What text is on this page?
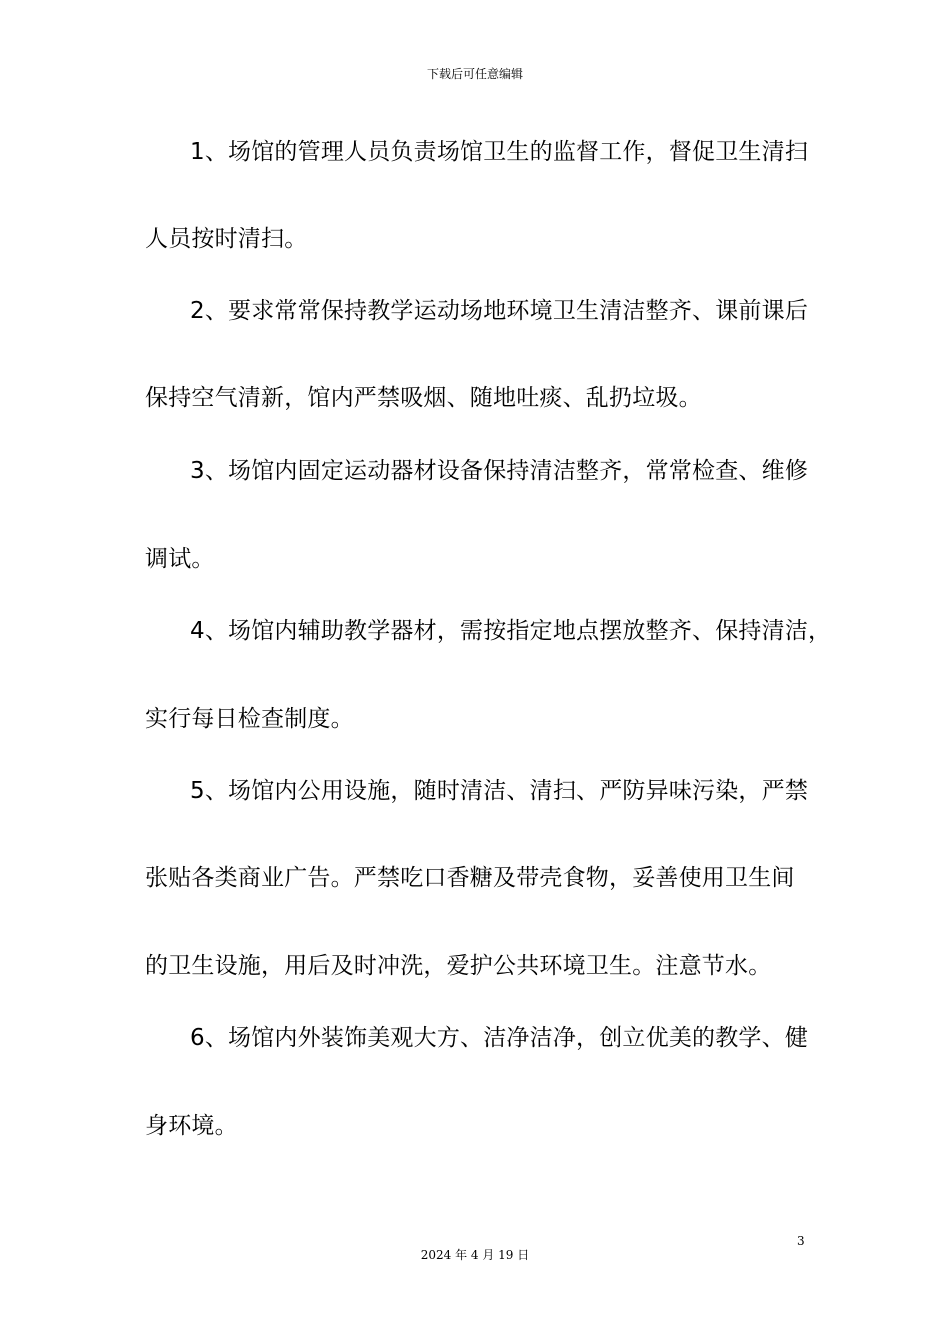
下载后可任意编辑
1、场馆的管理人员负责场馆卫生的监督工作，督促卫生清扫
人员按时清扫。
2、要求常常保持教学运动场地环境卫生清洁整齐、课前课后
保持空气清新，馆内严禁吸烟、随地吐痰、乱扔垃圾。
3、场馆内固定运动器材设备保持清洁整齐，常常检查、维修
调试。
4、场馆内辅助教学器材，需按指定地点摆放整齐、保持清洁，
实行每日检查制度。
5、场馆内公用设施，随时清洁、清扫、严防异味污染，严禁
张贴各类商业广告。严禁吃口香糖及带壳食物，妥善使用卫生间
的卫生设施，用后及时冲洗，爱护公共环境卫生。注意节水。
6、场馆内外装饰美观大方、洁净洁净，创立优美的教学、健
身环境。
3
2024 年 4 月 19 日
